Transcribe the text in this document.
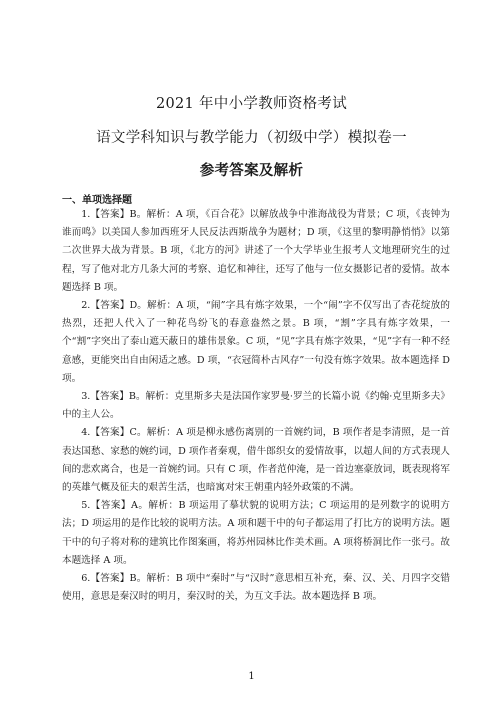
2021 年中小学教师资格考试
语文学科知识与教学能力（初级中学）模拟卷一
参考答案及解析
一、单项选择题

1.【答案】B。解析：A 项，《百合花》以解放战争中淮海战役为背景；C 项，《丧钟为谁而鸣》以美国人参加西班牙人民反法西斯战争为题材；D 项，《这里的黎明静悄悄》以第二次世界大战为背景。B 项，《北方的河》讲述了一个大学毕业生报考人文地理研究生的过程，写了他对北方几条大河的考察、追忆和神往，还写了他与一位女摄影记者的爱情。故本题选择 B 项。

2.【答案】D。解析：A 项，“闹”字具有炼字效果，一个“闹”字不仅写出了杏花绽放的热烈，还把人代入了一种花鸟纷飞的春意盎然之景。B 项，“割”字具有炼字效果，一个“割”字突出了泰山遮天蔽日的雄伟景象。C 项，“见”字具有炼字效果，“见”字有一种不经意感，更能突出自由闲适之感。D 项，“衣冠简朴古风存”一句没有炼字效果。故本题选择 D 项。

3.【答案】B。解析：克里斯多夫是法国作家罗曼·罗兰的长篇小说《约翰·克里斯多夫》中的主人公。

4.【答案】C。解析：A 项是柳永感伤离别的一首婉约词，B 项作者是李清照，是一首表达国愁、家愁的婉约词，D 项作者秦观，借牛郎织女的爱情故事，以超人间的方式表现人间的悲欢离合，也是一首婉约词。只有 C 项，作者范仲淹，是一首边塞豪放词，既表现将军的英雄气概及征夫的艰苦生活，也暗寓对宋王朝重内轻外政策的不满。

5.【答案】A。解析：B 项运用了摹状貌的说明方法；C 项运用的是列数字的说明方法；D 项运用的是作比较的说明方法。A 项和题干中的句子都运用了打比方的说明方法。题干中的句子将对称的建筑比作图案画，将苏州园林比作美术画。A 项将桥洞比作一张弓。故本题选择 A 项。

6.【答案】B。解析：B 项中“秦时”与“汉时”意思相互补充，秦、汉、关、月四字交错使用，意思是秦汉时的明月，秦汉时的关，为互文手法。故本题选择 B 项。

1
